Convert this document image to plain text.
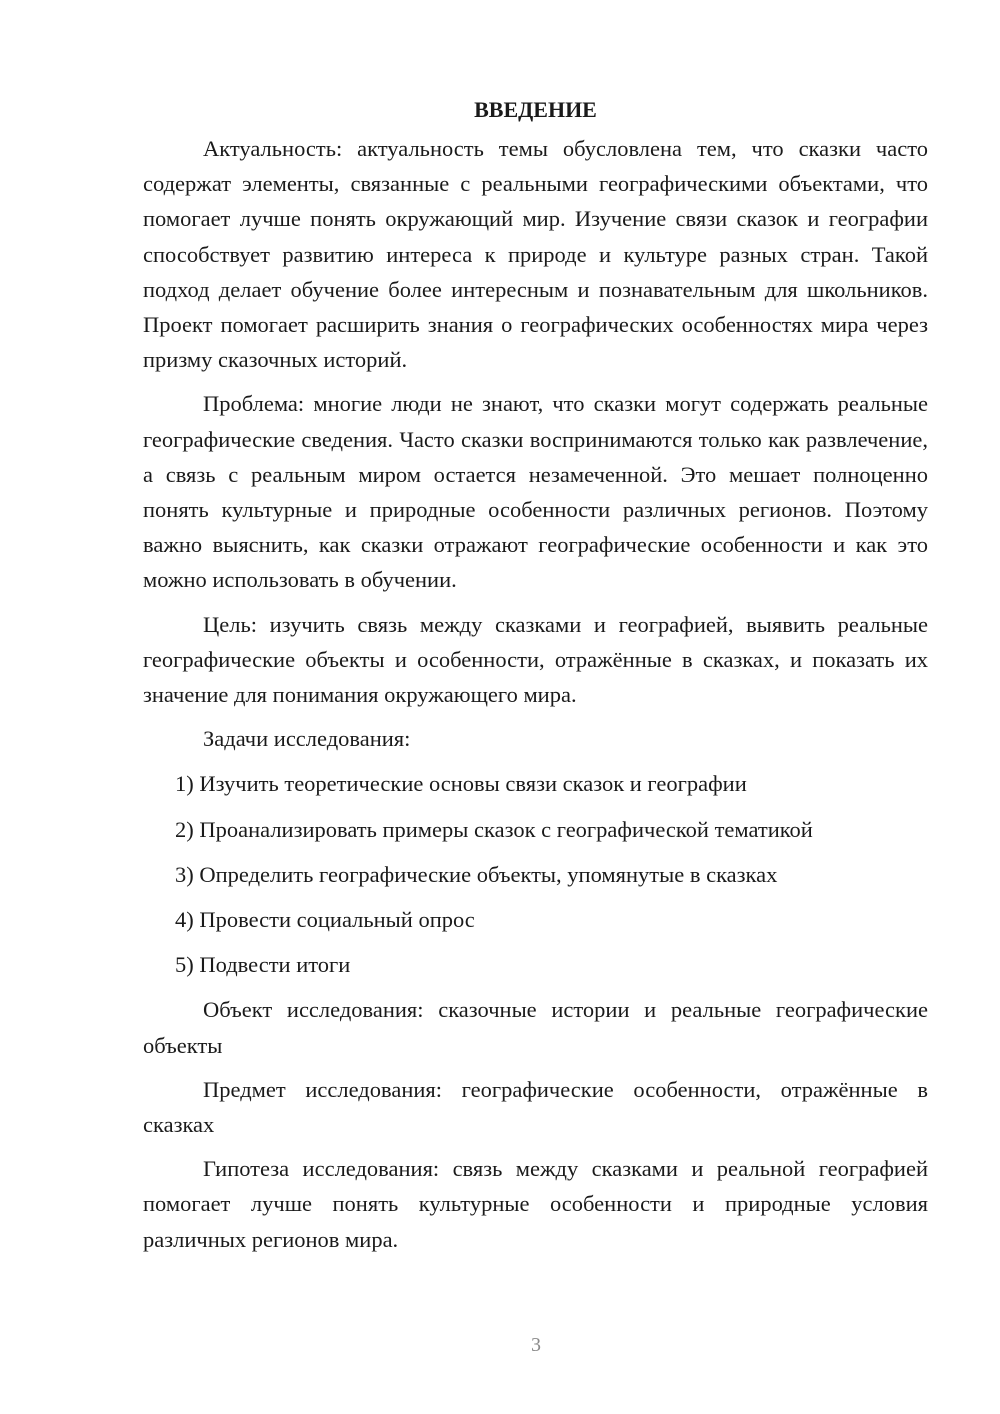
ВВЕДЕНИЕ

Актуальность: актуальность темы обусловлена тем, что сказки часто содержат элементы, связанные с реальными географическими объектами, что помогает лучше понять окружающий мир. Изучение связи сказок и географии способствует развитию интереса к природе и культуре разных стран. Такой подход делает обучение более интересным и познавательным для школьников. Проект помогает расширить знания о географических особенностях мира через призму сказочных историй.

Проблема: многие люди не знают, что сказки могут содержать реальные географические сведения. Часто сказки воспринимаются только как развлечение, а связь с реальным миром остается незамеченной. Это мешает полноценно понять культурные и природные особенности различных регионов. Поэтому важно выяснить, как сказки отражают географические особенности и как это можно использовать в обучении.

Цель: изучить связь между сказками и географией, выявить реальные географические объекты и особенности, отражённые в сказках, и показать их значение для понимания окружающего мира.

Задачи исследования:

1) Изучить теоретические основы связи сказок и географии
2) Проанализировать примеры сказок с географической тематикой
3) Определить географические объекты, упомянутые в сказках
4) Провести социальный опрос
5) Подвести итоги

Объект исследования: сказочные истории и реальные географические объекты

Предмет исследования: географические особенности, отражённые в сказках

Гипотеза исследования: связь между сказками и реальной географией помогает лучше понять культурные особенности и природные условия различных регионов мира.

3
